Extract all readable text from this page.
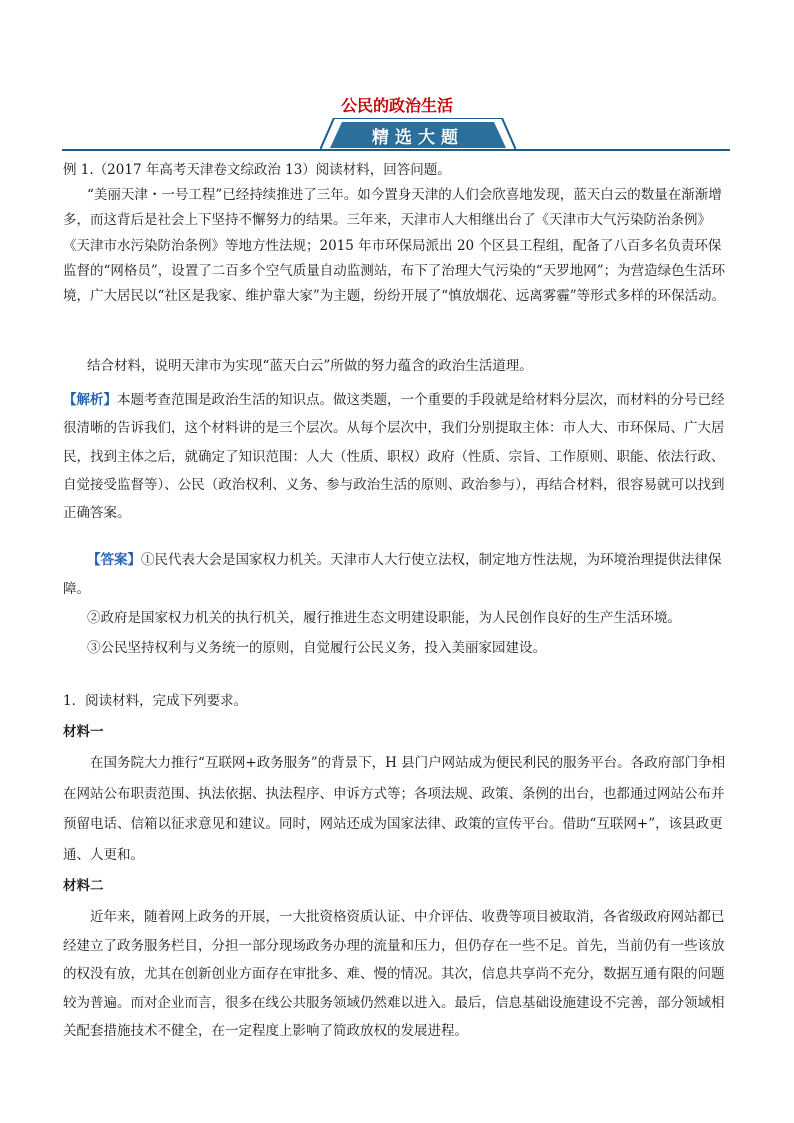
公民的政治生活
精选大题
例 1.（2017 年高考天津卷文综政治 13）阅读材料，回答问题。
“美丽天津・一号工程”已经持续推进了三年。如今置身天津的人们会欣喜地发现，蓝天白云的数量在渐渐增多，而这背后是社会上下坚持不懈努力的结果。三年来，天津市人大相继出台了《天津市大气污染防治条例》《天津市水污染防治条例》等地方性法规；2015 年市环保局派出 20 个区县工程组，配备了八百多名负责环保监督的“网格员”，设置了二百多个空气质量自动监测站，布下了治理大气污染的“天罗地网”；为营造绿色生活环境，广大居民以“社区是我家、维护靠大家”为主题，纷纷开展了“慎放烟花、远离雾霾”等形式多样的环保活动。
结合材料，说明天津市为实现“蓝天白云”所做的努力蕴含的政治生活道理。
【解析】本题考查范围是政治生活的知识点。做这类题，一个重要的手段就是给材料分层次，而材料的分号已经很清晰的告诉我们，这个材料讲的是三个层次。从每个层次中，我们分别提取主体：市人大、市环保局、广大居民，找到主体之后，就确定了知识范围：人大（性质、职权）政府（性质、宗旨、工作原则、职能、依法行政、自觉接受监督等）、公民（政治权利、义务、参与政治生活的原则、政治参与），再结合材料，很容易就可以找到正确答案。
【答案】①民代表大会是国家权力机关。天津市人大行使立法权，制定地方性法规，为环境治理提供法律保障。
②政府是国家权力机关的执行机关，履行推进生态文明建设职能，为人民创作良好的生产生活环境。
③公民坚持权利与义务统一的原则，自觉履行公民义务，投入美丽家园建设。
1．阅读材料，完成下列要求。
材料一
在国务院大力推行“互联网+政务服务”的背景下，H 县门户网站成为便民利民的服务平台。各政府部门争相在网站公布职责范围、执法依据、执法程序、申诉方式等；各项法规、政策、条例的出台，也都通过网站公布并预留电话、信箱以征求意见和建议。同时，网站还成为国家法律、政策的宣传平台。借助“互联网+”，该县政更通、人更和。
材料二
近年来，随着网上政务的开展，一大批资格资质认证、中介评估、收费等项目被取消，各省级政府网站都已经建立了政务服务栏目，分担一部分现场政务办理的流量和压力，但仍存在一些不足。首先，当前仍有一些该放的权没有放，尤其在创新创业方面存在审批多、难、慢的情况。其次，信息共享尚不充分，数据互通有限的问题较为普遍。而对企业而言，很多在线公共服务领域仍然难以进入。最后，信息基础设施建设不完善，部分领域相关配套措施技术不健全，在一定程度上影响了简政放权的发展进程。
